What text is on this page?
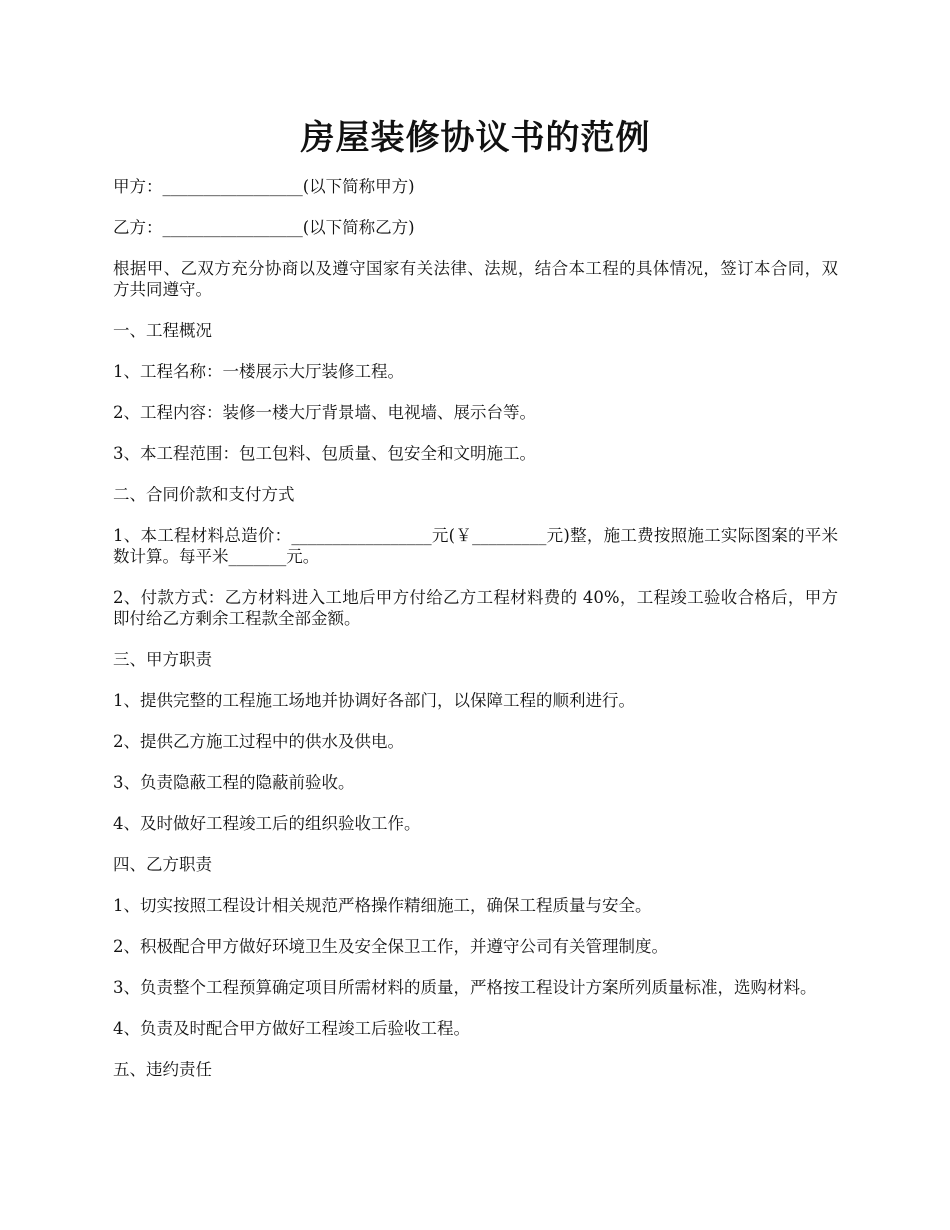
房屋装修协议书的范例

甲方：_________________(以下简称甲方)

乙方：_________________(以下简称乙方)

根据甲、乙双方充分协商以及遵守国家有关法律、法规，结合本工程的具体情况，签订本合同，双方共同遵守。

一、工程概况

1、工程名称：一楼展示大厅装修工程。

2、工程内容：装修一楼大厅背景墙、电视墙、展示台等。

3、本工程范围：包工包料、包质量、包安全和文明施工。

二、合同价款和支付方式

1、本工程材料总造价：_________________元(￥_________元)整，施工费按照施工实际图案的平米数计算。每平米_______元。

2、付款方式：乙方材料进入工地后甲方付给乙方工程材料费的 40%，工程竣工验收合格后，甲方即付给乙方剩余工程款全部金额。

三、甲方职责

1、提供完整的工程施工场地并协调好各部门，以保障工程的顺利进行。

2、提供乙方施工过程中的供水及供电。

3、负责隐蔽工程的隐蔽前验收。

4、及时做好工程竣工后的组织验收工作。

四、乙方职责

1、切实按照工程设计相关规范严格操作精细施工，确保工程质量与安全。

2、积极配合甲方做好环境卫生及安全保卫工作，并遵守公司有关管理制度。

3、负责整个工程预算确定项目所需材料的质量，严格按工程设计方案所列质量标准，选购材料。

4、负责及时配合甲方做好工程竣工后验收工程。

五、违约责任
